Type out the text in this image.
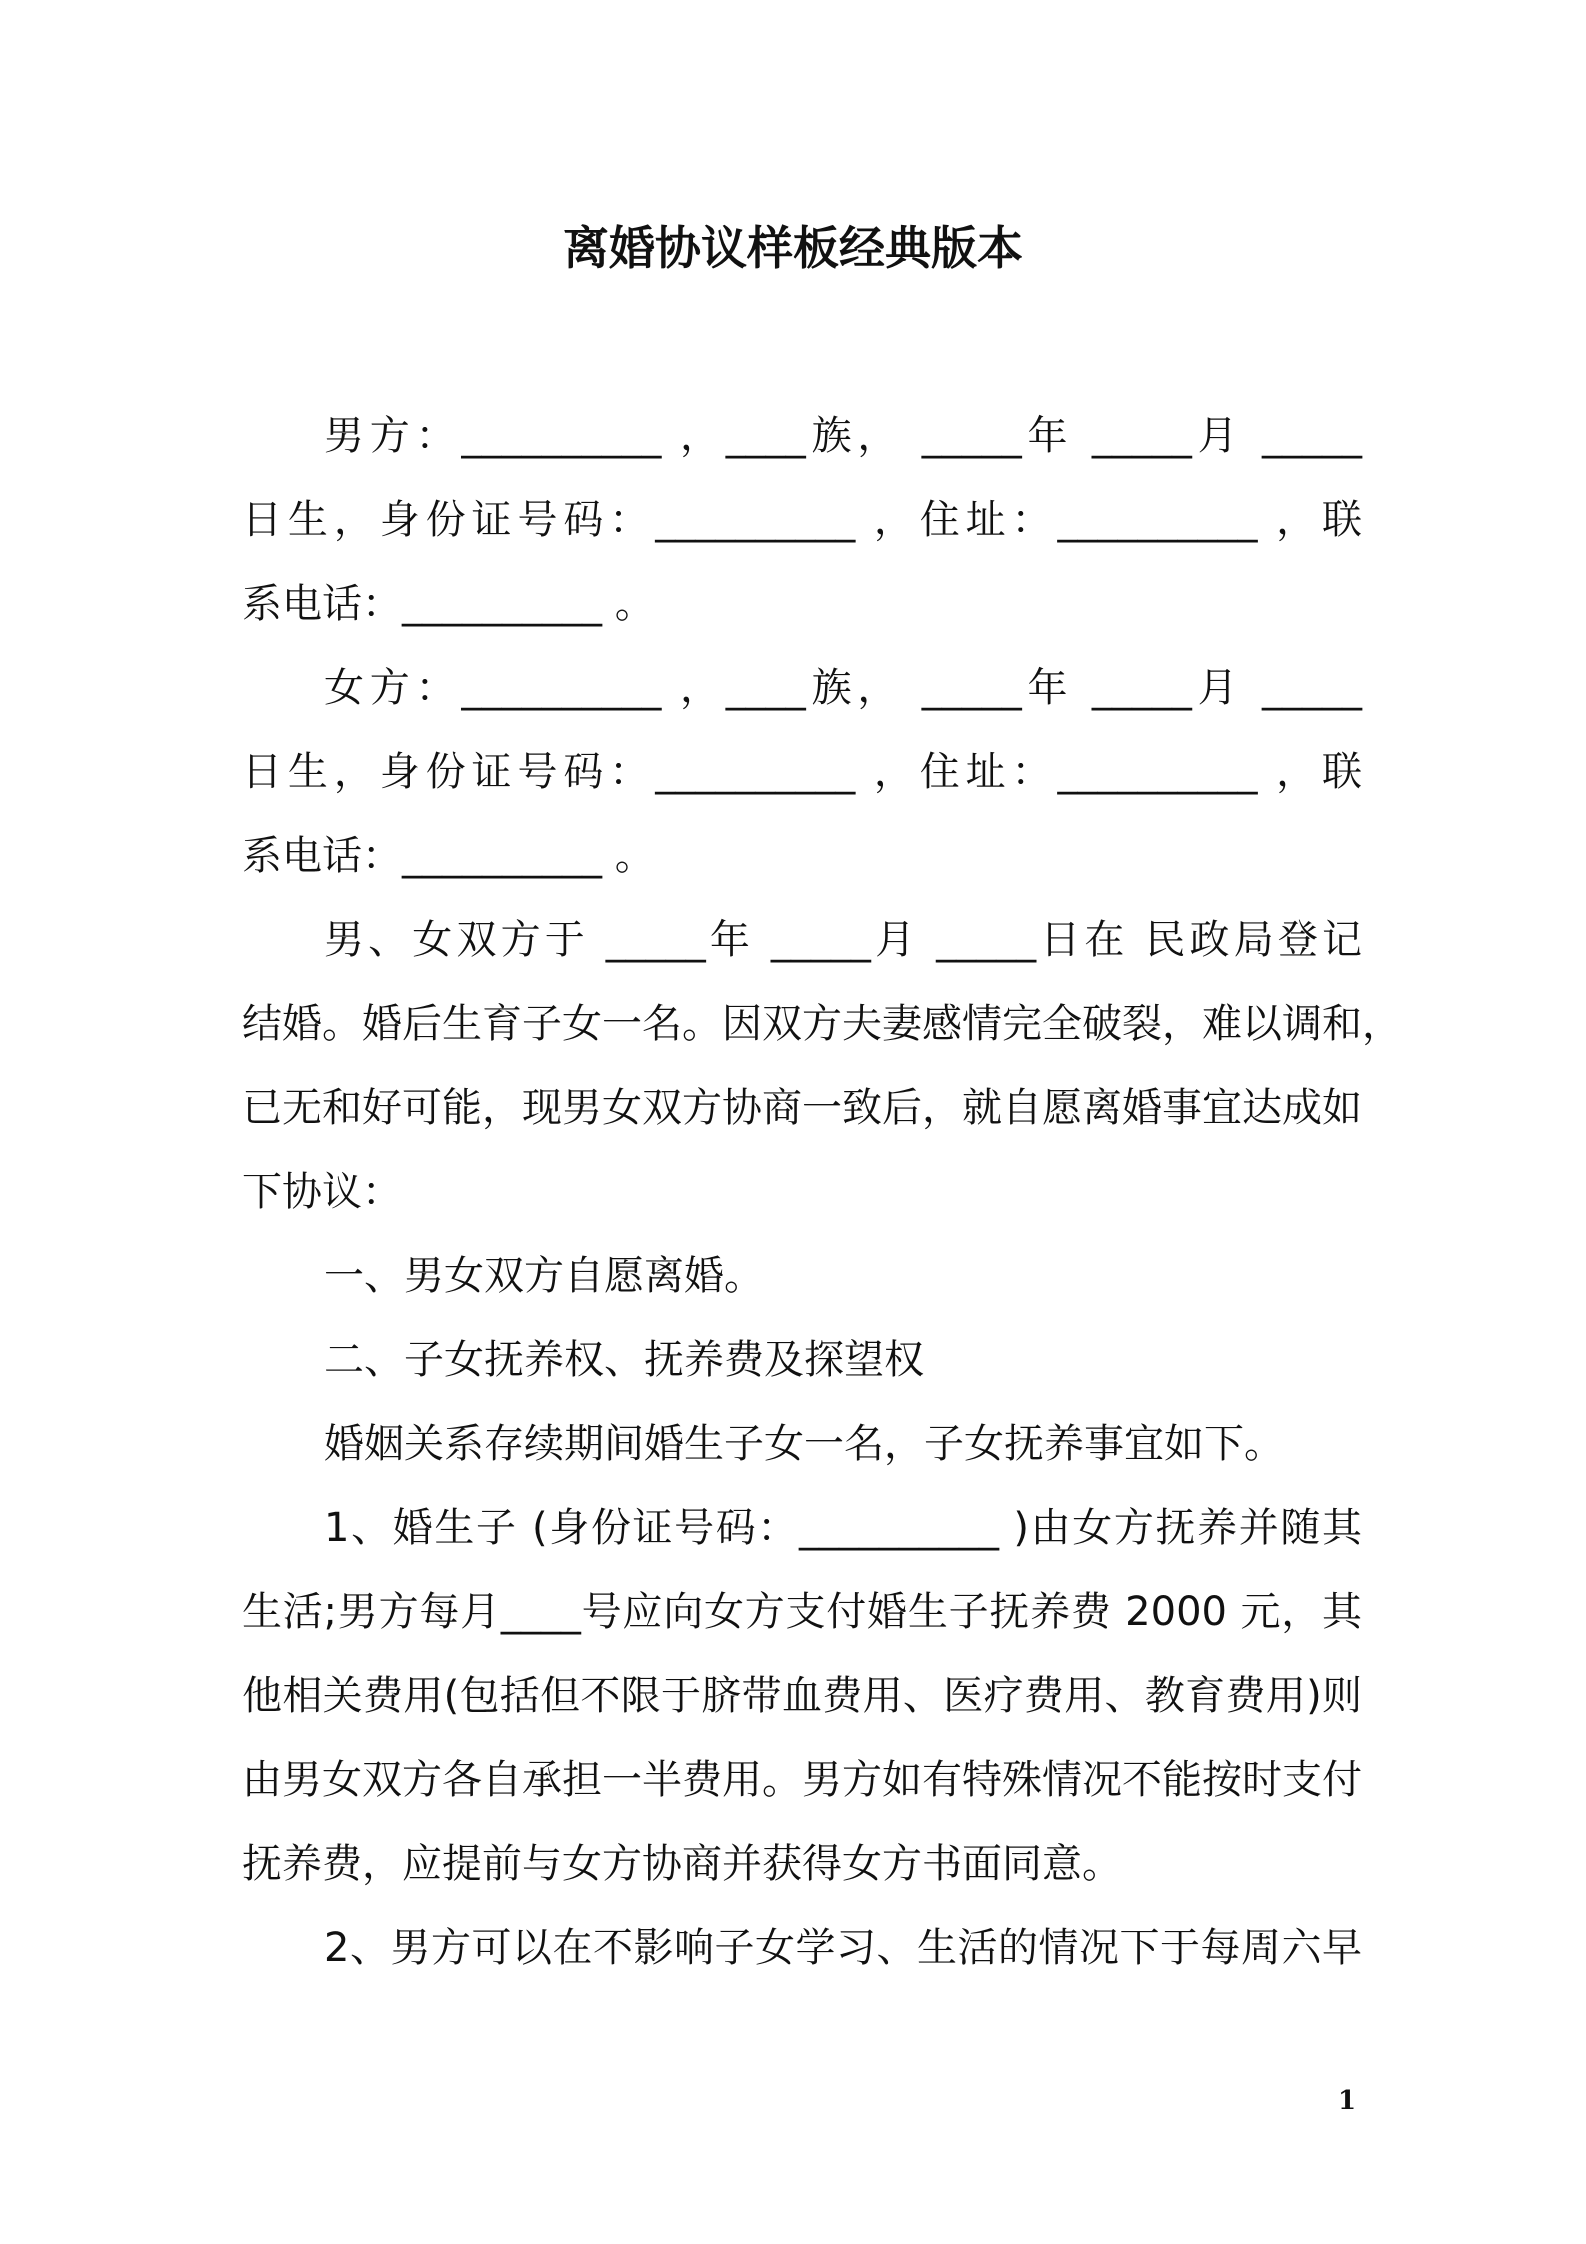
离婚协议样板经典版本
男方：__________ ，____族， _____年 _____月 _____
日生，身份证号码：__________ ，住址：__________ ，联
系电话：__________ 。
女方：__________ ，____族， _____年 _____月 _____
日生，身份证号码：__________ ，住址：__________ ，联
系电话：__________ 。
男、女双方于 _____年 _____月 _____日在 民政局登记
结婚。婚后生育子女一名。因双方夫妻感情完全破裂，难以调和，
已无和好可能，现男女双方协商一致后，就自愿离婚事宜达成如
下协议：
一、男女双方自愿离婚。
二、子女抚养权、抚养费及探望权
婚姻关系存续期间婚生子女一名，子女抚养事宜如下。
1、婚生子 (身份证号码：__________ )由女方抚养并随其
生活;男方每月____号应向女方支付婚生子抚养费 2000 元，其
他相关费用(包括但不限于脐带血费用、医疗费用、教育费用)则
由男女双方各自承担一半费用。男方如有特殊情况不能按时支付
抚养费，应提前与女方协商并获得女方书面同意。
2、男方可以在不影响子女学习、生活的情况下于每周六早
1
